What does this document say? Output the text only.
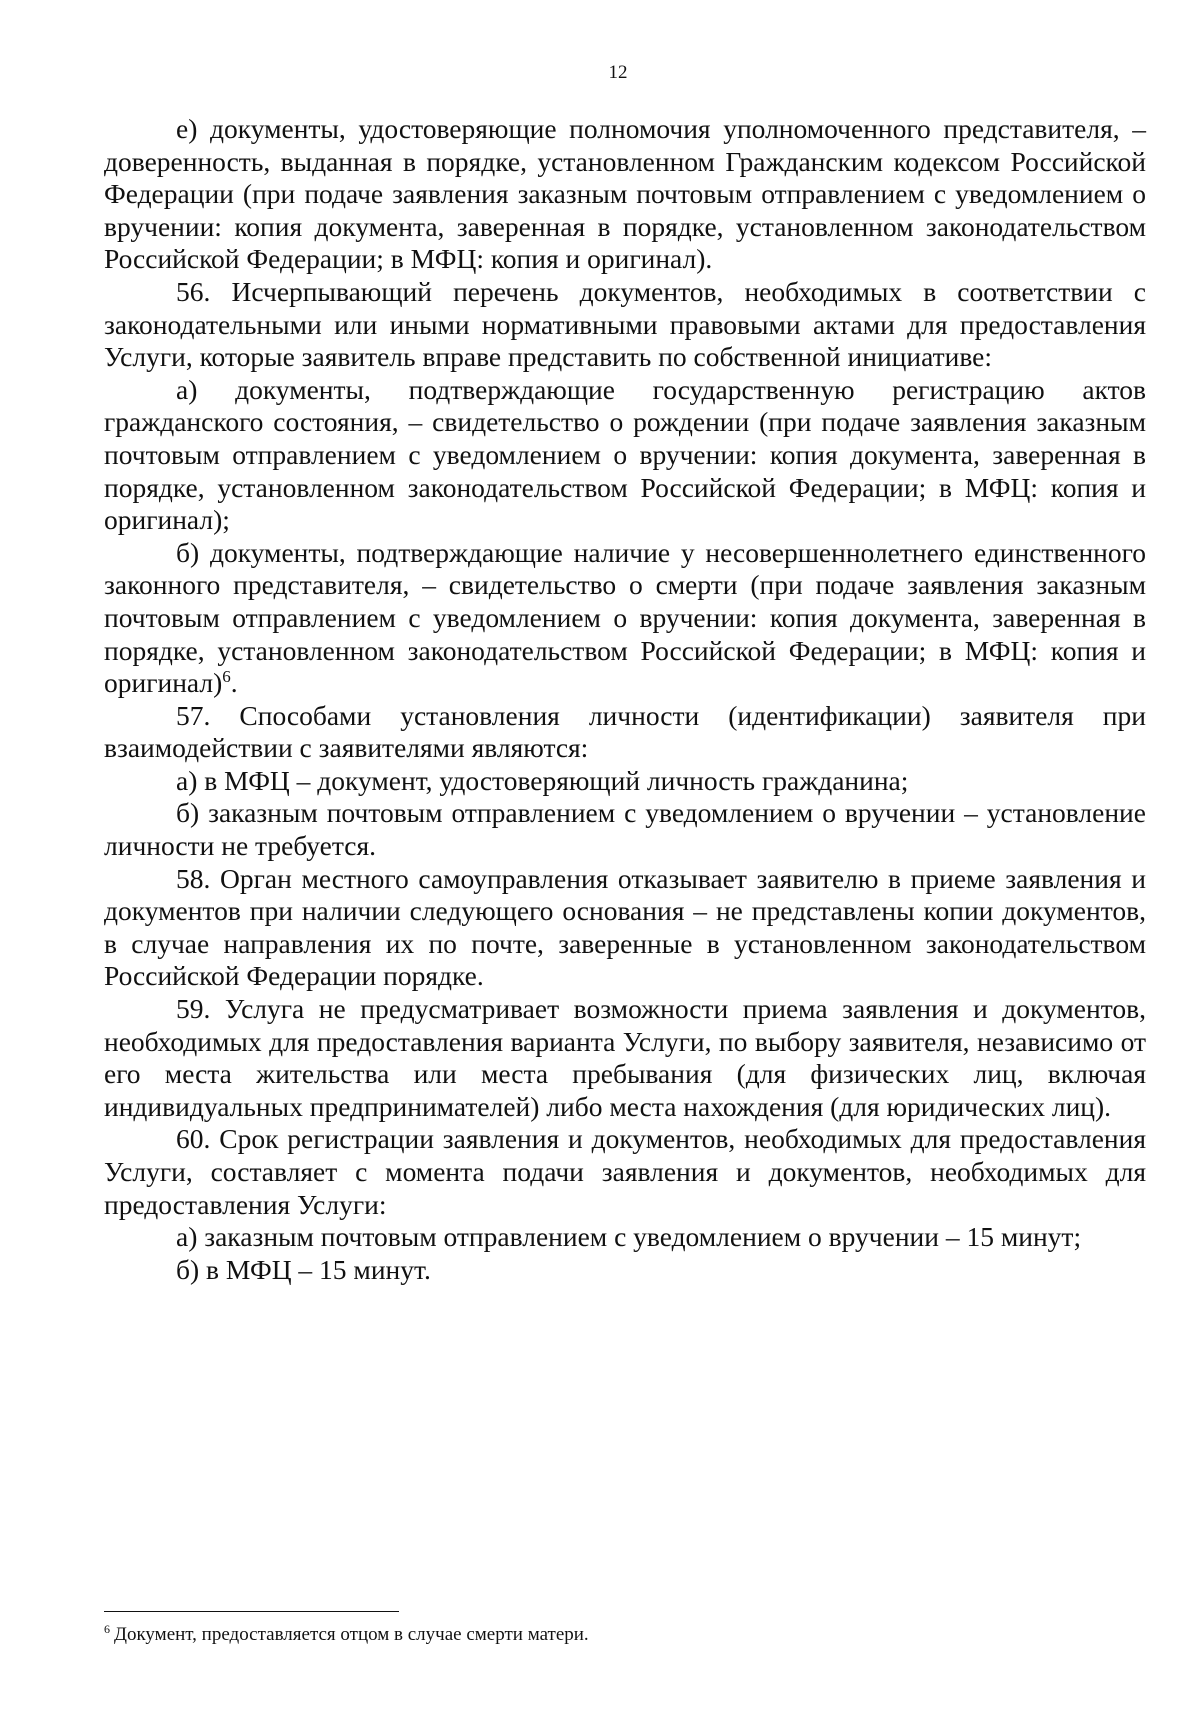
12

е) документы, удостоверяющие полномочия уполномоченного представителя, – доверенность, выданная в порядке, установленном Гражданским кодексом Российской Федерации (при подаче заявления заказным почтовым отправлением с уведомлением о вручении: копия документа, заверенная в порядке, установленном законодательством Российской Федерации; в МФЦ: копия и оригинал).

56. Исчерпывающий перечень документов, необходимых в соответствии с законодательными или иными нормативными правовыми актами для предоставления Услуги, которые заявитель вправе представить по собственной инициативе:

а) документы, подтверждающие государственную регистрацию актов гражданского состояния, – свидетельство о рождении (при подаче заявления заказным почтовым отправлением с уведомлением о вручении: копия документа, заверенная в порядке, установленном законодательством Российской Федерации; в МФЦ: копия и оригинал);

б) документы, подтверждающие наличие у несовершеннолетнего единственного законного представителя, – свидетельство о смерти (при подаче заявления заказным почтовым отправлением с уведомлением о вручении: копия документа, заверенная в порядке, установленном законодательством Российской Федерации; в МФЦ: копия и оригинал)$^6$.

57. Способами установления личности (идентификации) заявителя при взаимодействии с заявителями являются:

а) в МФЦ – документ, удостоверяющий личность гражданина;

б) заказным почтовым отправлением с уведомлением о вручении – установление личности не требуется.

58. Орган местного самоуправления отказывает заявителю в приеме заявления и документов при наличии следующего основания – не представлены копии документов, в случае направления их по почте, заверенные в установленном законодательством Российской Федерации порядке.

59. Услуга не предусматривает возможности приема заявления и документов, необходимых для предоставления варианта Услуги, по выбору заявителя, независимо от его места жительства или места пребывания (для физических лиц, включая индивидуальных предпринимателей) либо места нахождения (для юридических лиц).

60. Срок регистрации заявления и документов, необходимых для предоставления Услуги, составляет с момента подачи заявления и документов, необходимых для предоставления Услуги:

а) заказным почтовым отправлением с уведомлением о вручении – 15 минут;

б) в МФЦ – 15 минут.

$^6$ Документ, предоставляется отцом в случае смерти матери.
